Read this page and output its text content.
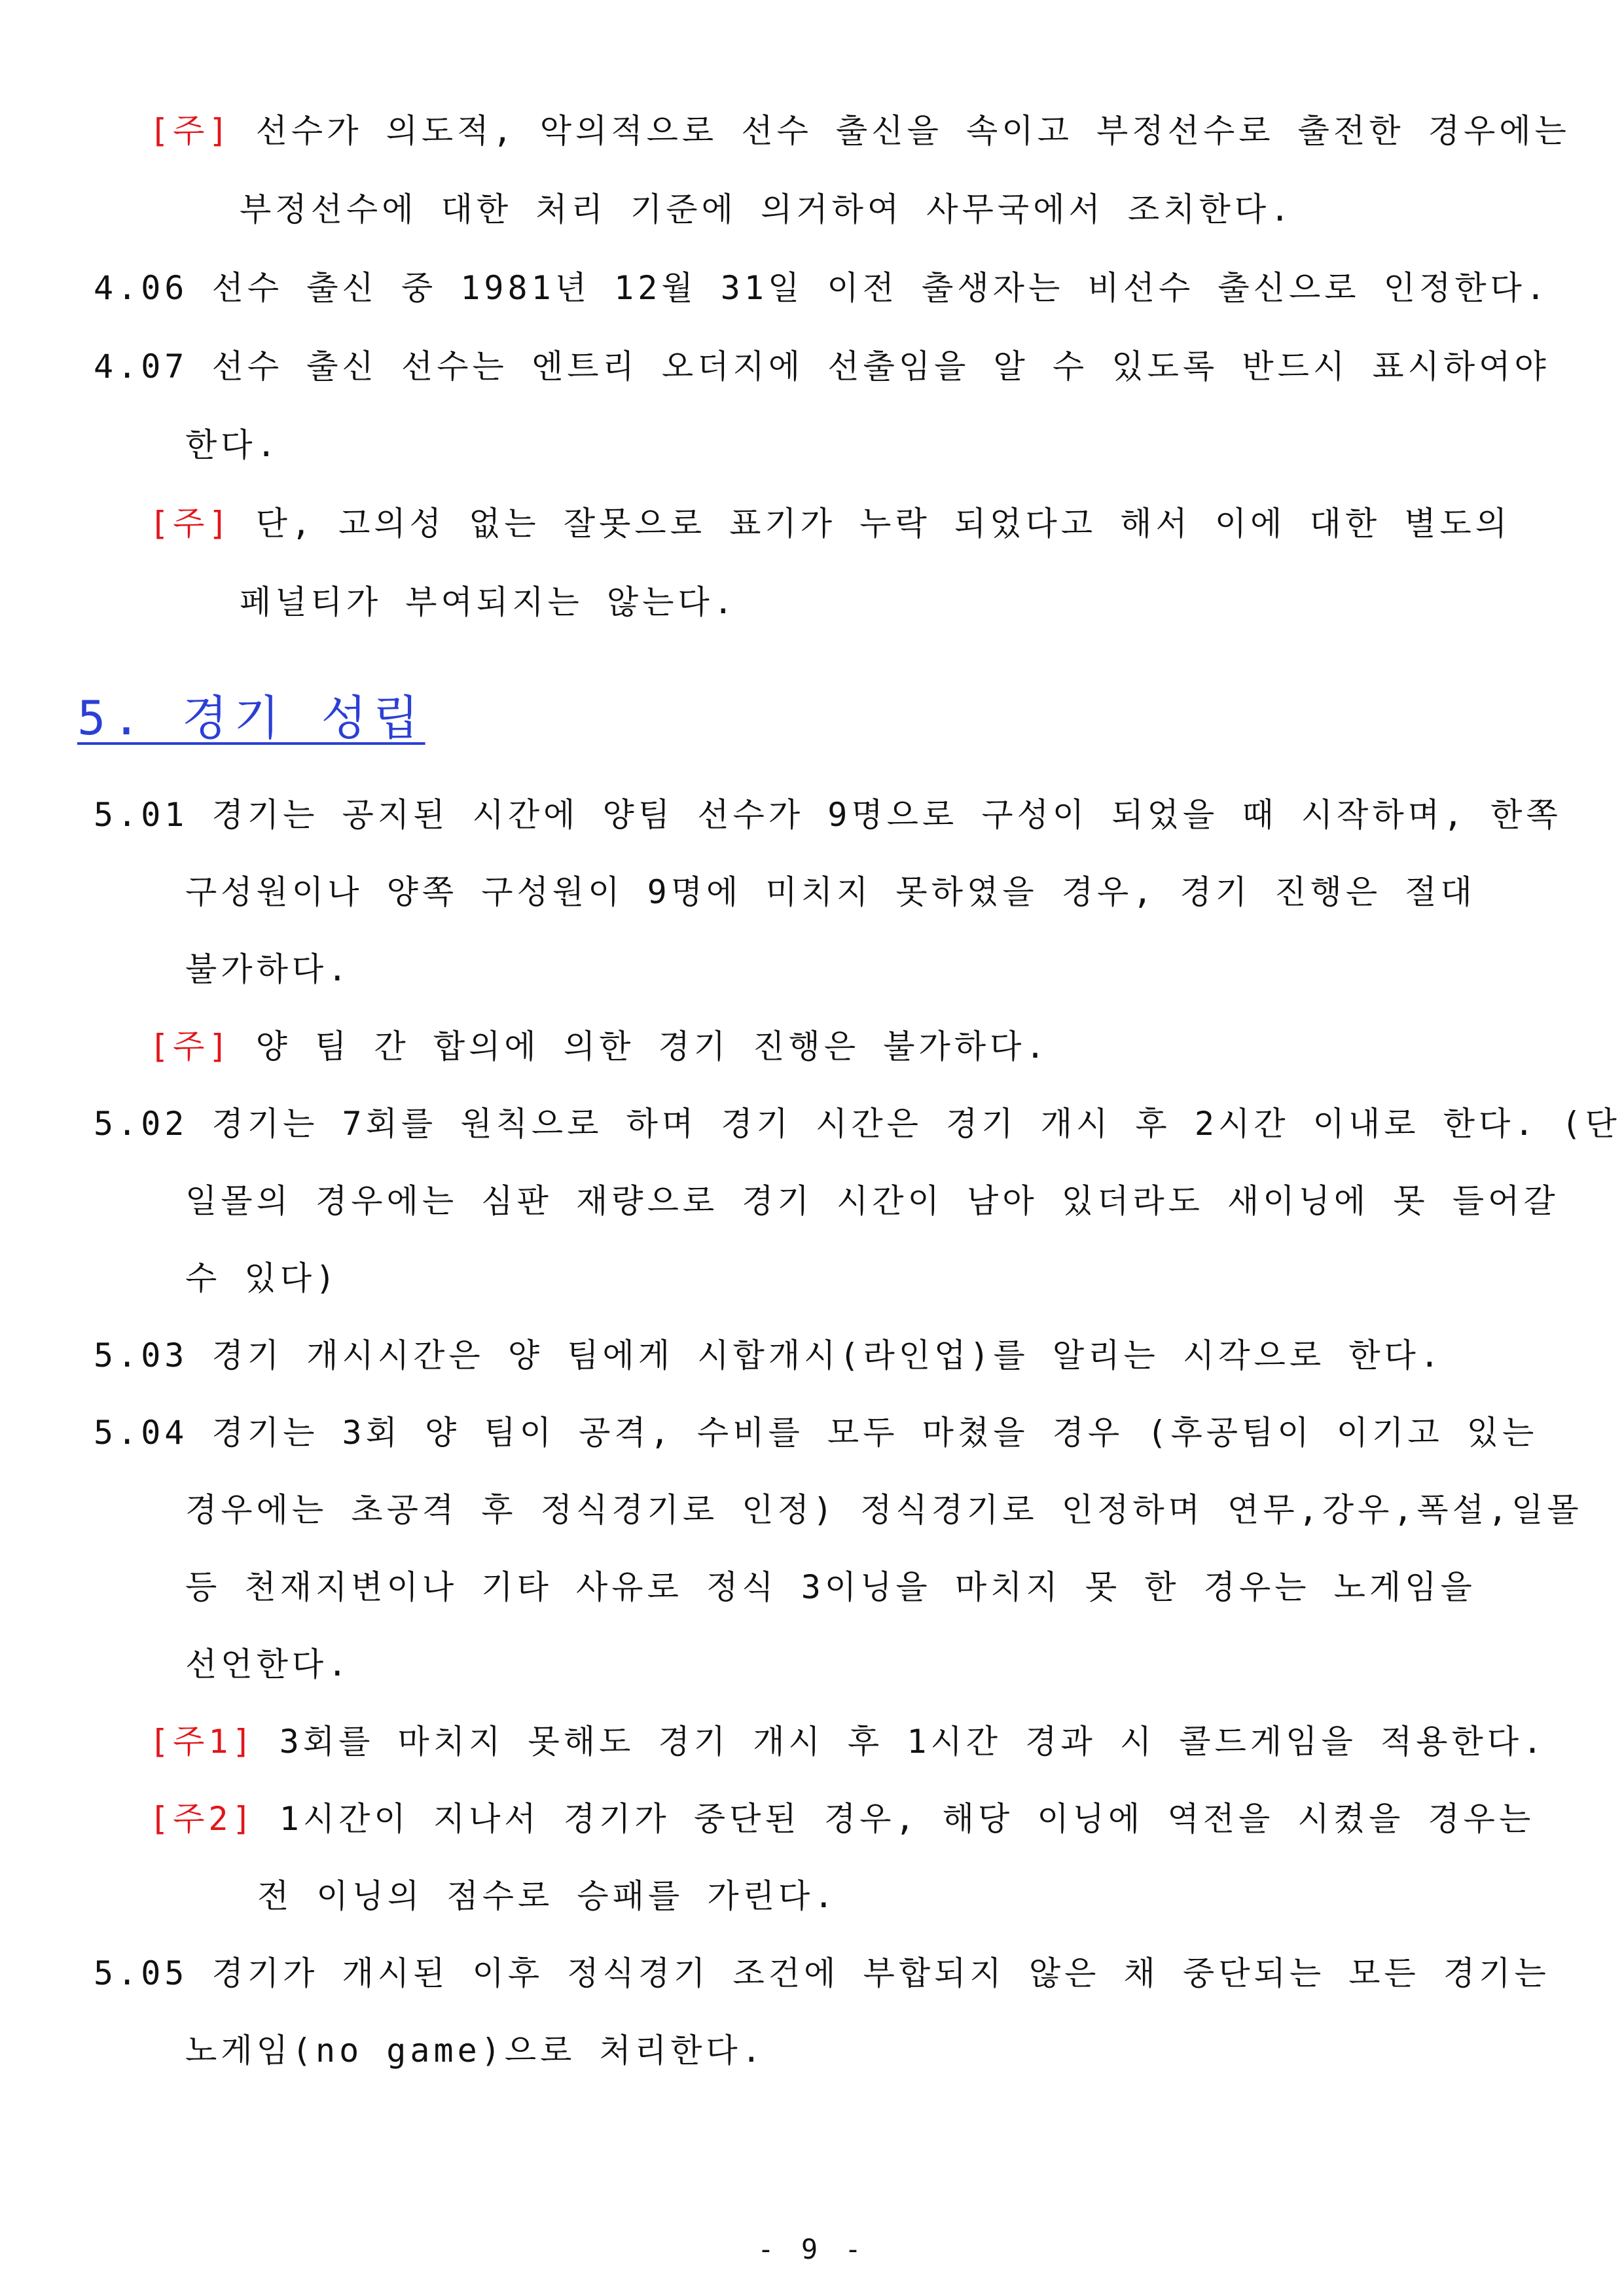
[주] 선수가 의도적, 악의적으로 선수 출신을 속이고 부정선수로 출전한 경우에는
부정선수에 대한 처리 기준에 의거하여 사무국에서 조치한다.
4.06 선수 출신 중 1981년 12월 31일 이전 출생자는 비선수 출신으로 인정한다.
4.07 선수 출신 선수는 엔트리 오더지에 선출임을 알 수 있도록 반드시 표시하여야
한다.
[주] 단, 고의성 없는 잘못으로 표기가 누락 되었다고 해서 이에 대한 별도의
페널티가 부여되지는 않는다.
5. 경기 성립
5.01 경기는 공지된 시간에 양팀 선수가 9명으로 구성이 되었을 때 시작하며, 한쪽
구성원이나 양쪽 구성원이 9명에 미치지 못하였을 경우, 경기 진행은 절대
불가하다.
[주] 양 팀 간 합의에 의한 경기 진행은 불가하다.
5.02 경기는 7회를 원칙으로 하며 경기 시간은 경기 개시 후 2시간 이내로 한다. (단
일몰의 경우에는 심판 재량으로 경기 시간이 남아 있더라도 새이닝에 못 들어갈
수 있다)
5.03 경기 개시시간은 양 팀에게 시합개시(라인업)를 알리는 시각으로 한다.
5.04 경기는 3회 양 팀이 공격, 수비를 모두 마쳤을 경우 (후공팀이 이기고 있는
경우에는 초공격 후 정식경기로 인정) 정식경기로 인정하며 연무,강우,폭설,일몰
등 천재지변이나 기타 사유로 정식 3이닝을 마치지 못 한 경우는 노게임을
선언한다.
[주1] 3회를 마치지 못해도 경기 개시 후 1시간 경과 시 콜드게임을 적용한다.
[주2] 1시간이 지나서 경기가 중단된 경우, 해당 이닝에 역전을 시켰을 경우는
전 이닝의 점수로 승패를 가린다.
5.05 경기가 개시된 이후 정식경기 조건에 부합되지 않은 채 중단되는 모든 경기는
노게임(no game)으로 처리한다.
- 9 -
